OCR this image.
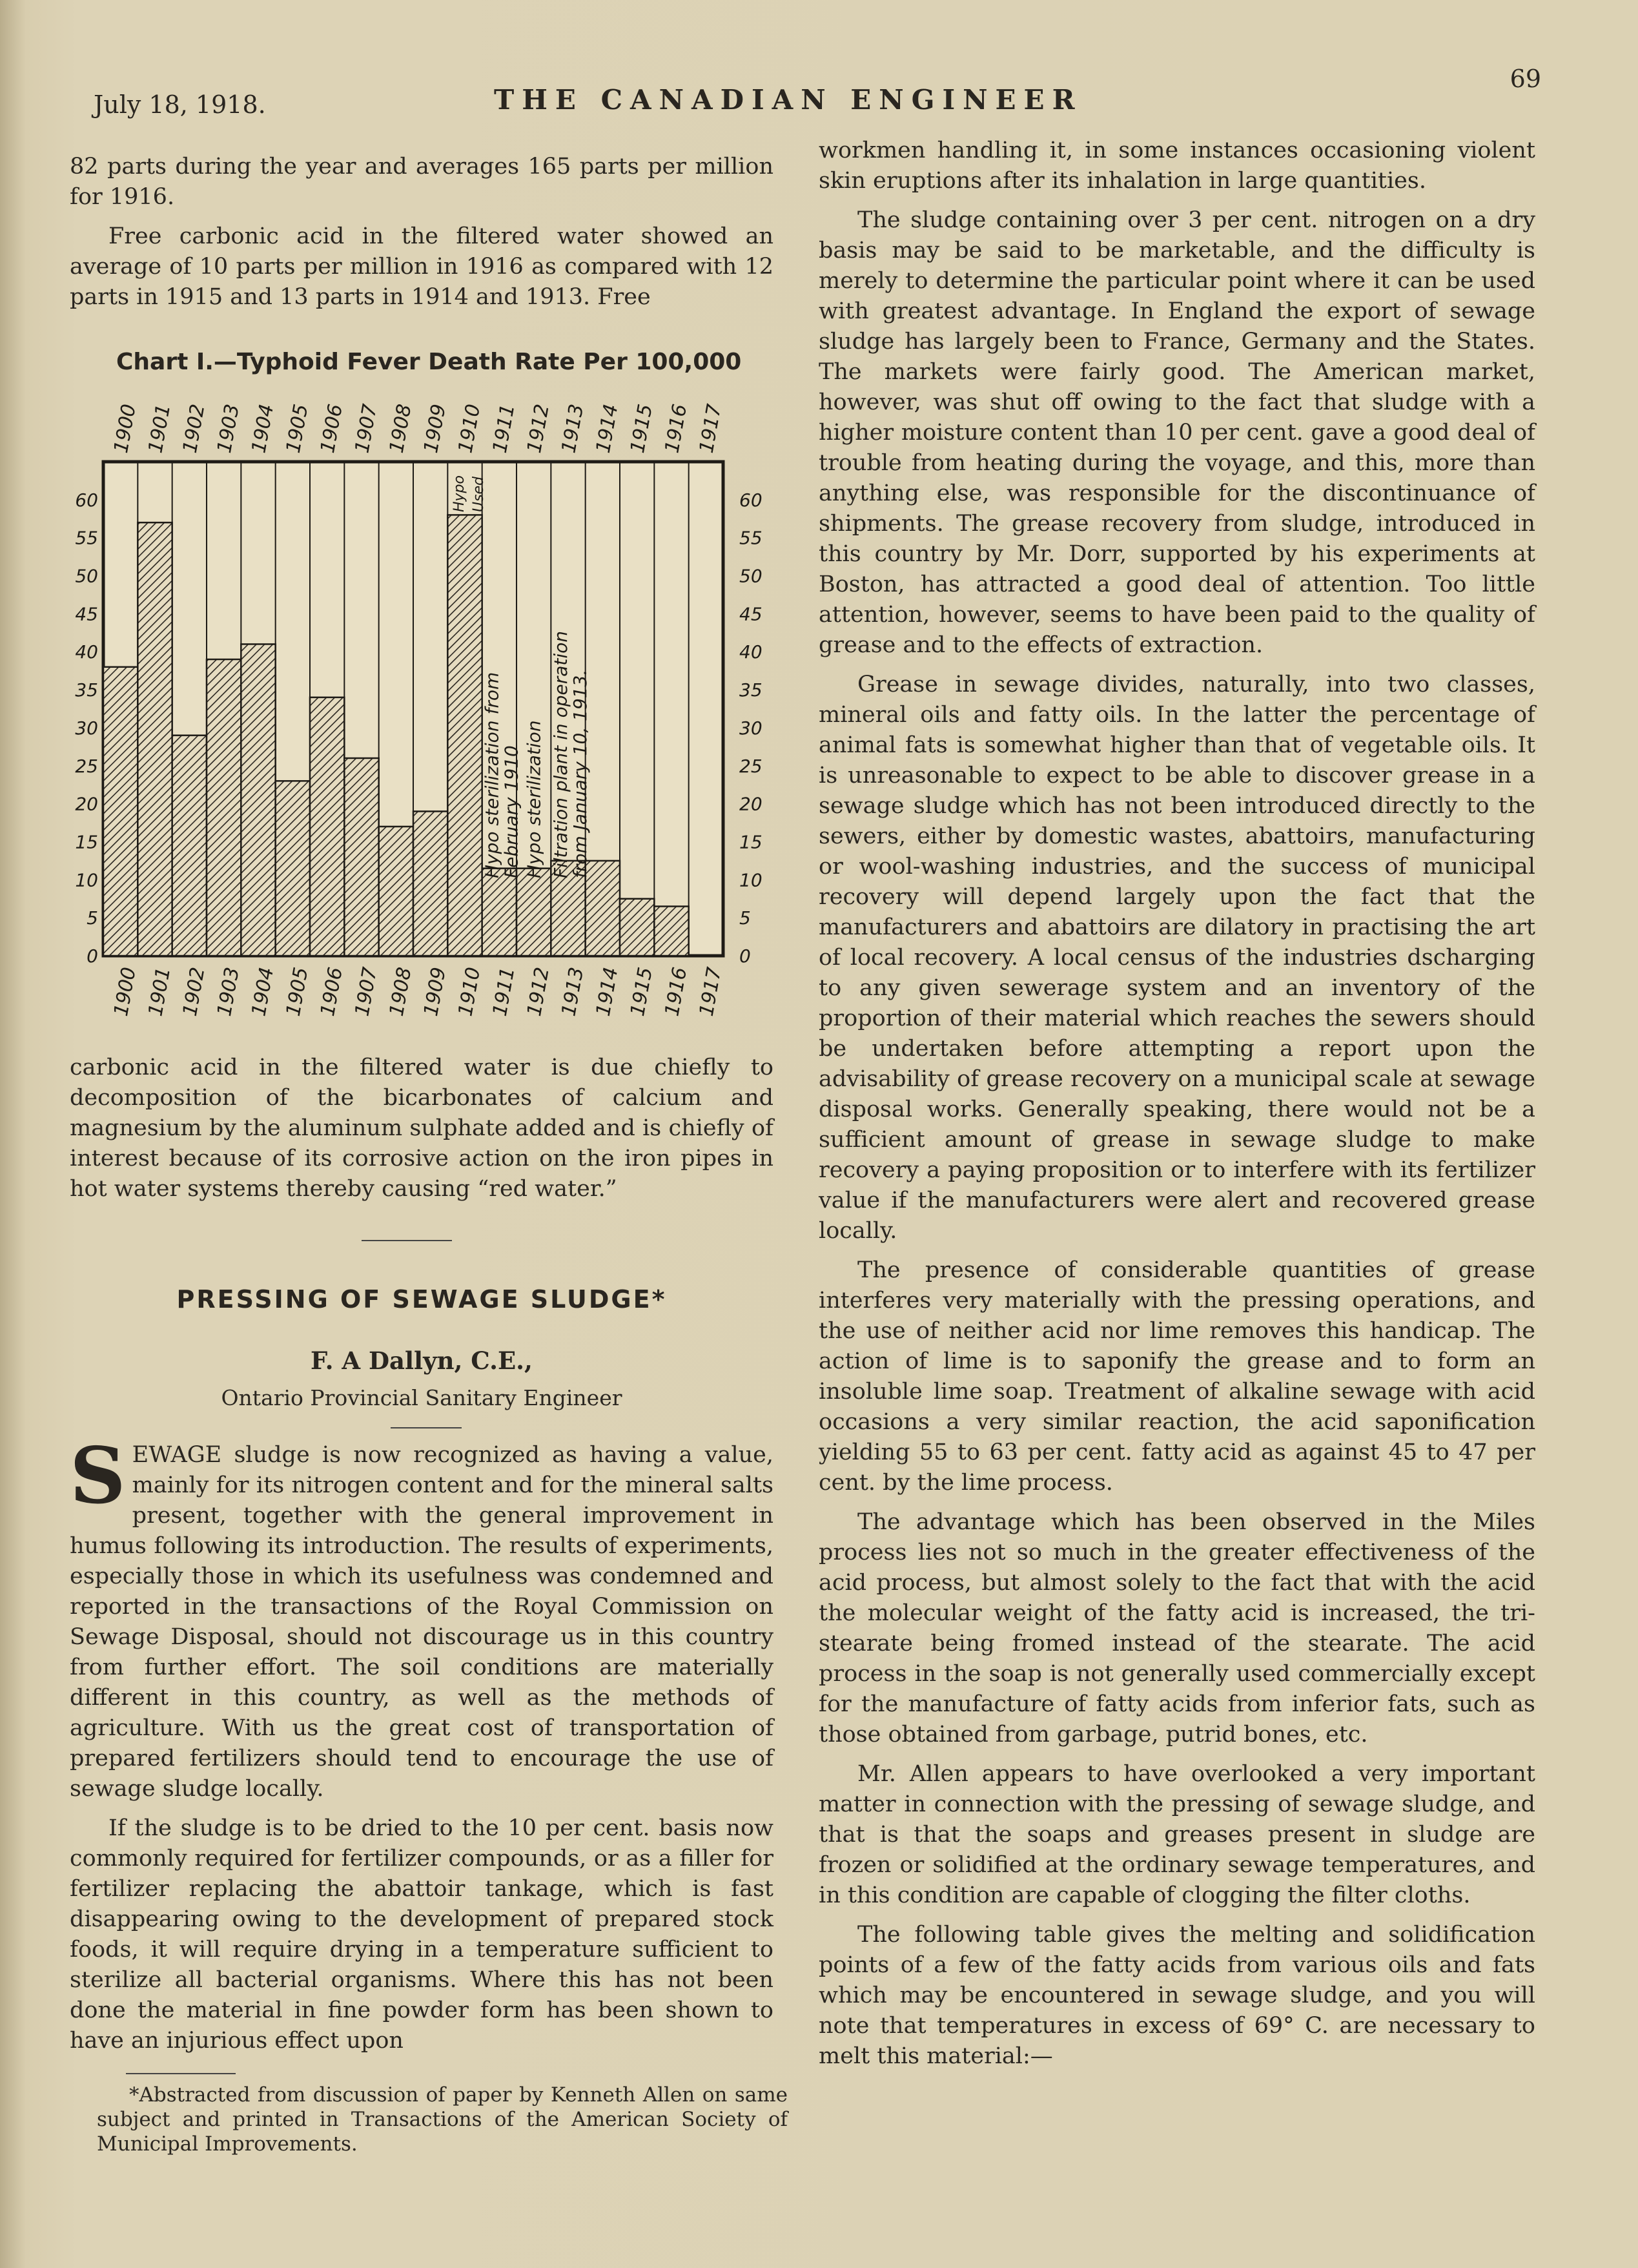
July 18, 1918.	THE CANADIAN ENGINEER
69

82 parts during the year and averages 165 parts per million for 1916.

Free carbonic acid in the filtered water showed an average of 10 parts per million in 1916 as compared with 12 parts in 1915 and 13 parts in 1914 and 1913. Free

Chart I.—Typhoid Fever Death Rate Per 100,000
1900
1900
1901
1901
1902
1902
1903
1903
1904
1904
1905
1905
1906
1906
1907
1907
1908
1908
1909
1909
1910
1910
1911
1911
1912
1912
1913
1913
1914
1914
1915
1915
1916
1916
1917
1917
0	0
5	5
10	10
15	15
20	20
25	25
30	30
35	35
40	40
45	45
50	50
55	55
60	60
Hypo Used
Hypo sterilization from
February 1910 Hypo sterilization Filtration plant in operation
from January 10, 1913.

carbonic acid in the filtered water is due chiefly to decomposition of the bicarbonates of calcium and magnesium by the aluminum sulphate added and is chiefly of interest because of its corrosive action on the iron pipes in hot water systems thereby causing “red water.”

PRESSING OF SEWAGE SLUDGE*
F. A Dallyn, C.E.,
Ontario Provincial Sanitary Engineer

SEWAGE sludge is now recognized as having a value, mainly for its nitrogen content and for the mineral salts present, together with the general improvement in humus following its introduction. The results of experiments, especially those in which its usefulness was condemned and reported in the transactions of the Royal Commission on Sewage Disposal, should not discourage us in this country from further effort. The soil conditions are materially different in this country, as well as the methods of agriculture. With us the great cost of transportation of prepared fertilizers should tend to encourage the use of sewage sludge locally.

If the sludge is to be dried to the 10 per cent. basis now commonly required for fertilizer compounds, or as a filler for fertilizer replacing the abattoir tankage, which is fast disappearing owing to the development of prepared stock foods, it will require drying in a temperature sufficient to sterilize all bacterial organisms. Where this has not been done the material in fine powder form has been shown to have an injurious effect upon

*Abstracted from discussion of paper by Kenneth Allen on same subject and printed in Transactions of the American Society of Municipal Improvements.

workmen handling it, in some instances occasioning violent skin eruptions after its inhalation in large quantities.

The sludge containing over 3 per cent. nitrogen on a dry basis may be said to be marketable, and the difficulty is merely to determine the particular point where it can be used with greatest advantage. In England the export of sewage sludge has largely been to France, Germany and the States. The markets were fairly good. The American market, however, was shut off owing to the fact that sludge with a higher moisture content than 10 per cent. gave a good deal of trouble from heating during the voyage, and this, more than anything else, was responsible for the discontinuance of shipments. The grease recovery from sludge, introduced in this country by Mr. Dorr, supported by his experiments at Boston, has attracted a good deal of attention. Too little attention, however, seems to have been paid to the quality of grease and to the effects of extraction.

Grease in sewage divides, naturally, into two classes, mineral oils and fatty oils. In the latter the percentage of animal fats is somewhat higher than that of vegetable oils. It is unreasonable to expect to be able to discover grease in a sewage sludge which has not been introduced directly to the sewers, either by domestic wastes, abattoirs, manufacturing or wool-washing industries, and the success of municipal recovery will depend largely upon the fact that the manufacturers and abattoirs are dilatory in practising the art of local recovery. A local census of the industries dscharging to any given sewerage system and an inventory of the proportion of their material which reaches the sewers should be undertaken before attempting a report upon the advisability of grease recovery on a municipal scale at sewage disposal works. Generally speaking, there would not be a sufficient amount of grease in sewage sludge to make recovery a paying proposition or to interfere with its fertilizer value if the manufacturers were alert and recovered grease locally.

The presence of considerable quantities of grease interferes very materially with the pressing operations, and the use of neither acid nor lime removes this handicap. The action of lime is to saponify the grease and to form an insoluble lime soap. Treatment of alkaline sewage with acid occasions a very similar reaction, the acid saponification yielding 55 to 63 per cent. fatty acid as against 45 to 47 per cent. by the lime process.

The advantage which has been observed in the Miles process lies not so much in the greater effectiveness of the acid process, but almost solely to the fact that with the acid the molecular weight of the fatty acid is increased, the tri-stearate being fromed instead of the stearate. The acid process in the soap is not generally used commercially except for the manufacture of fatty acids from inferior fats, such as those obtained from garbage, putrid bones, etc.

Mr. Allen appears to have overlooked a very important matter in connection with the pressing of sewage sludge, and that is that the soaps and greases present in sludge are frozen or solidified at the ordinary sewage temperatures, and in this condition are capable of clogging the filter cloths.

The following table gives the melting and solidification points of a few of the fatty acids from various oils and fats which may be encountered in sewage sludge, and you will note that temperatures in excess of 69° C. are necessary to melt this material:—
